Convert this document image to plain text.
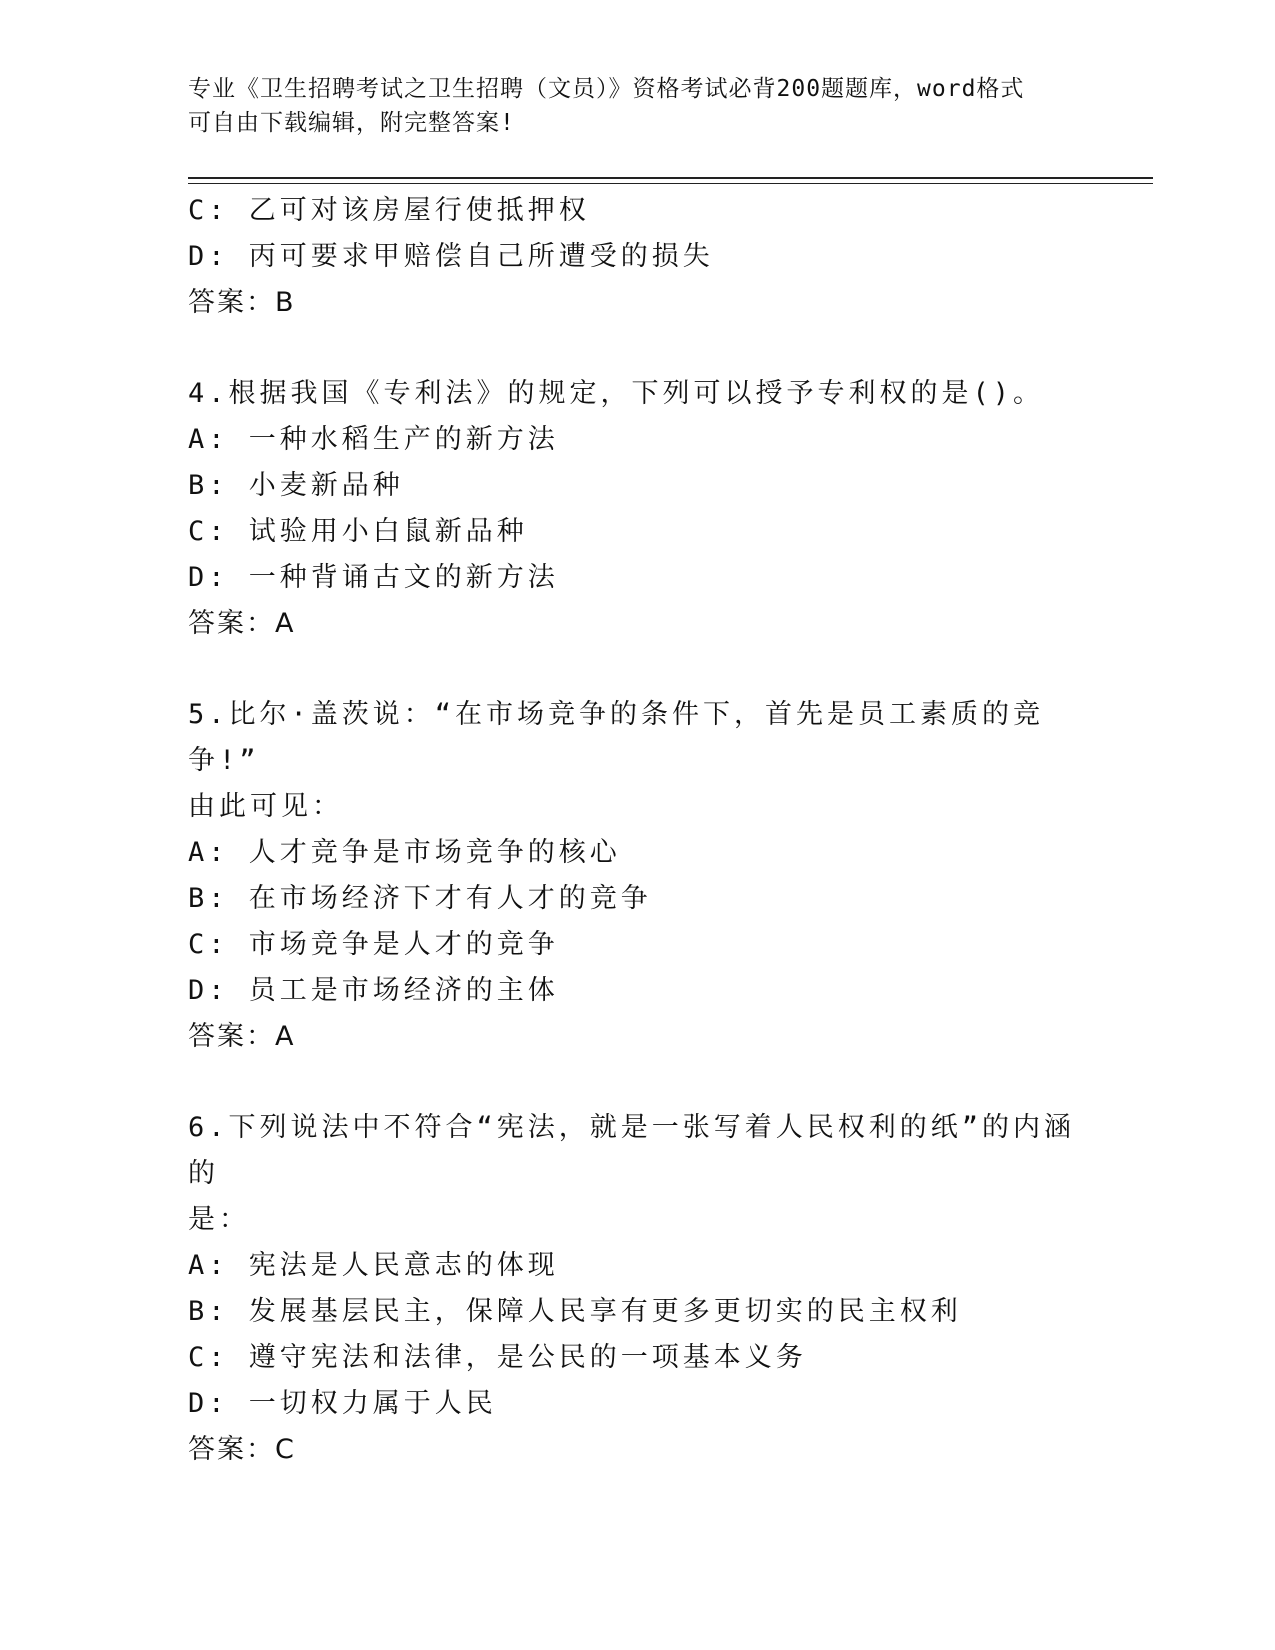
专业《卫生招聘考试之卫生招聘（文员）》资格考试必背200题题库，word格式
可自由下载编辑，附完整答案!
C: 乙可对该房屋行使抵押权
D: 丙可要求甲赔偿自己所遭受的损失
答案：B
4.根据我国《专利法》的规定，下列可以授予专利权的是()。
A: 一种水稻生产的新方法
B: 小麦新品种
C: 试验用小白鼠新品种
D: 一种背诵古文的新方法
答案：A
5.比尔·盖茨说：“在市场竞争的条件下，首先是员工素质的竞争!”
由此可见：
A: 人才竞争是市场竞争的核心
B: 在市场经济下才有人才的竞争
C: 市场竞争是人才的竞争
D: 员工是市场经济的主体
答案：A
6.下列说法中不符合“宪法，就是一张写着人民权利的纸”的内涵的
是：
A: 宪法是人民意志的体现
B: 发展基层民主，保障人民享有更多更切实的民主权利
C: 遵守宪法和法律，是公民的一项基本义务
D: 一切权力属于人民
答案：C
